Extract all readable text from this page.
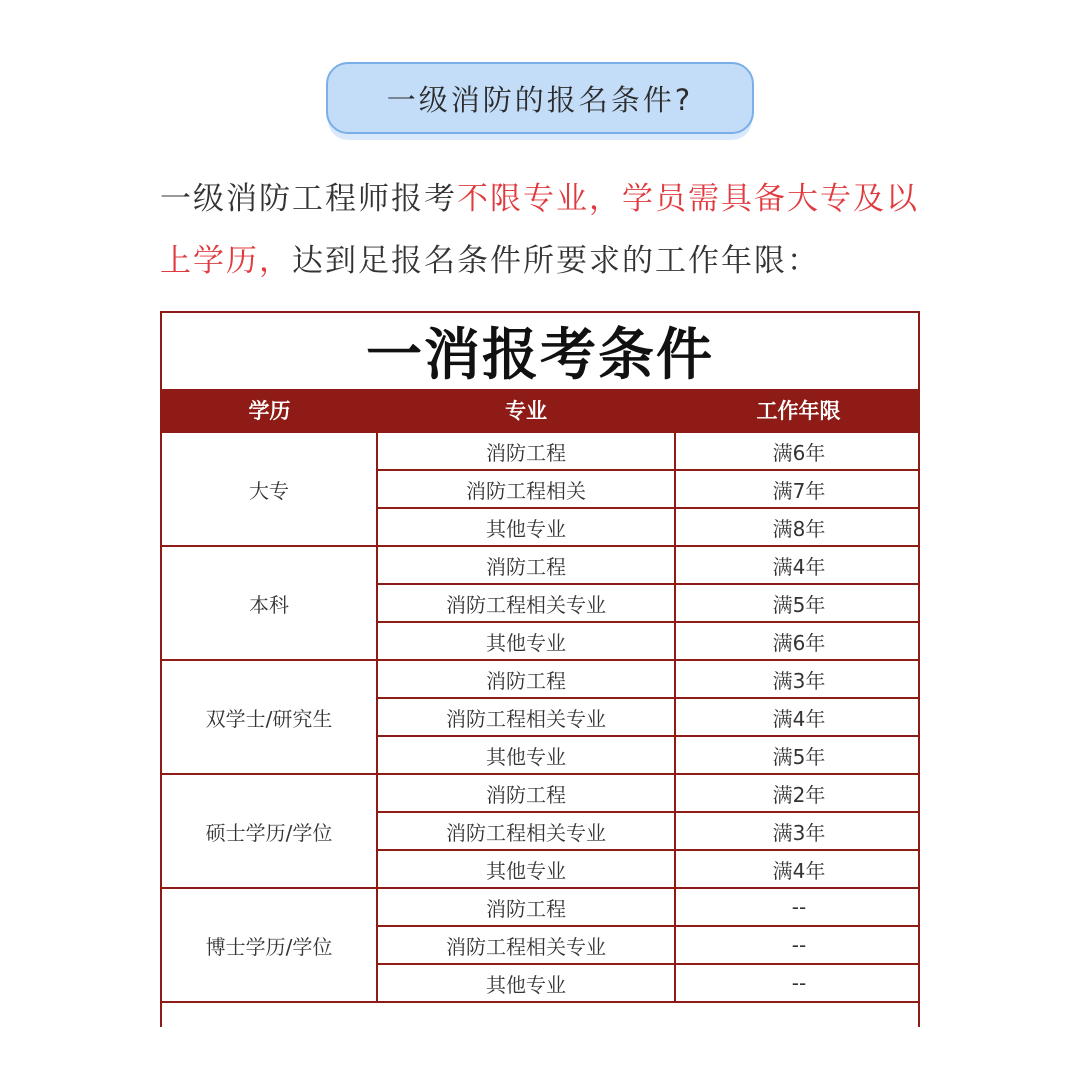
一级消防的报名条件?
一级消防工程师报考不限专业，学员需具备大专及以上学历，达到足报名条件所要求的工作年限：
一消报考条件
学历	专业	工作年限
大专	消防工程	满6年
	消防工程相关	满7年
	其他专业	满8年
本科	消防工程	满4年
	消防工程相关专业	满5年
	其他专业	满6年
双学士/研究生	消防工程	满3年
	消防工程相关专业	满4年
	其他专业	满5年
硕士学历/学位	消防工程	满2年
	消防工程相关专业	满3年
	其他专业	满4年
博士学历/学位	消防工程	--
	消防工程相关专业	--
	其他专业	--
